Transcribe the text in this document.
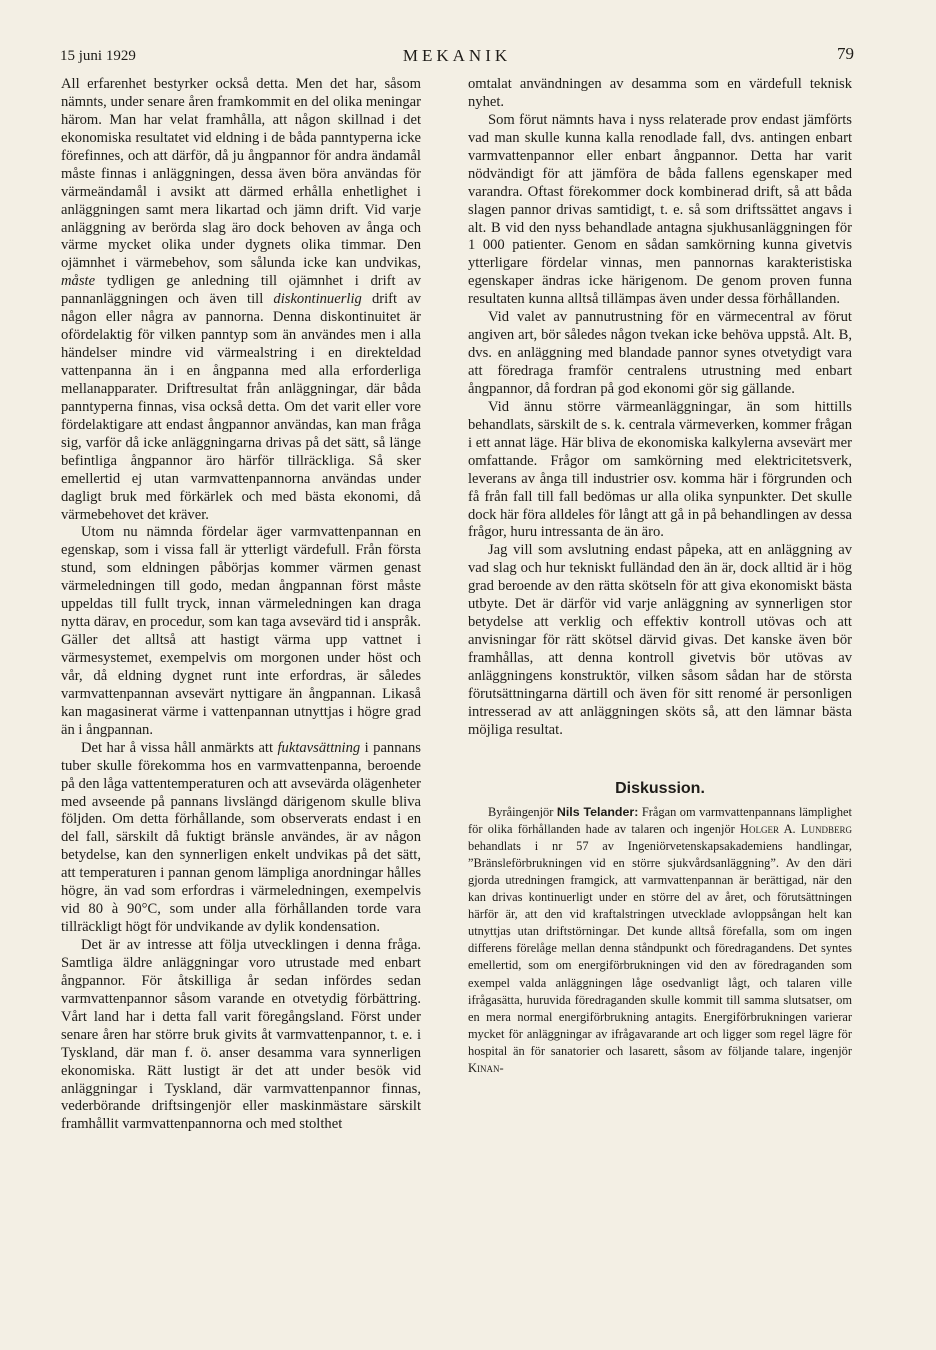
15 juni 1929	MEKANIK	79

All erfarenhet bestyrker också detta. Men det har, såsom nämnts, under senare åren framkommit en del olika meningar härom. Man har velat framhålla, att någon skillnad i det ekonomiska resultatet vid eldning i de båda panntyperna icke förefinnes, och att därför, då ju ångpannor för andra ändamål måste finnas i anläggningen, dessa även böra användas för värmeändamål i avsikt att därmed erhålla enhetlighet i anläggningen samt mera likartad och jämn drift. Vid varje anläggning av berörda slag äro dock behoven av ånga och värme mycket olika under dygnets olika timmar. Den ojämnhet i värmebehov, som sålunda icke kan undvikas, måste tydligen ge anledning till ojämnhet i drift av pannanläggningen och även till diskontinuerlig drift av någon eller några av pannorna. Denna diskontinuitet är ofördelaktig för vilken panntyp som än användes men i alla händelser mindre vid värmealstring i en direkteldad vattenpanna än i en ångpanna med alla erforderliga mellanapparater. Driftresultat från anläggningar, där båda panntyperna finnas, visa också detta. Om det varit eller vore fördelaktigare att endast ångpannor användas, kan man fråga sig, varför då icke anläggningarna drivas på det sätt, så länge befintliga ångpannor äro härför tillräckliga. Så sker emellertid ej utan varmvattenpannorna användas under dagligt bruk med förkärlek och med bästa ekonomi, då värmebehovet det kräver.

Utom nu nämnda fördelar äger varmvattenpannan en egenskap, som i vissa fall är ytterligt värdefull. Från första stund, som eldningen påbörjas kommer värmen genast värmeledningen till godo, medan ångpannan först måste uppeldas till fullt tryck, innan värmeledningen kan draga nytta därav, en procedur, som kan taga avsevärd tid i anspråk. Gäller det alltså att hastigt värma upp vattnet i värmesystemet, exempelvis om morgonen under höst och vår, då eldning dygnet runt inte erfordras, är således varmvattenpannan avsevärt nyttigare än ångpannan. Likaså kan magasinerat värme i vattenpannan utnyttjas i högre grad än i ångpannan.

Det har å vissa håll anmärkts att fuktavsättning i pannans tuber skulle förekomma hos en varmvattenpanna, beroende på den låga vattentemperaturen och att avsevärda olägenheter med avseende på pannans livslängd därigenom skulle bliva följden. Om detta förhållande, som observerats endast i en del fall, särskilt då fuktigt bränsle användes, är av någon betydelse, kan den synnerligen enkelt undvikas på det sätt, att temperaturen i pannan genom lämpliga anordningar hålles högre, än vad som erfordras i värmeledningen, exempelvis vid 80 à 90°C, som under alla förhållanden torde vara tillräckligt högt för undvikande av dylik kondensation.

Det är av intresse att följa utvecklingen i denna fråga. Samtliga äldre anläggningar voro utrustade med enbart ångpannor. För åtskilliga år sedan infördes sedan varmvattenpannor såsom varande en otvetydig förbättring. Vårt land har i detta fall varit föregångsland. Först under senare åren har större bruk givits åt varmvattenpannor, t. e. i Tyskland, där man f. ö. anser desamma vara synnerligen ekonomiska. Rätt lustigt är det att under besök vid anläggningar i Tyskland, där varmvattenpannor finnas, vederbörande driftsingenjör eller maskinmästare särskilt framhållit varmvattenpannorna och med stolthet

omtalat användningen av desamma som en värdefull teknisk nyhet.

Som förut nämnts hava i nyss relaterade prov endast jämförts vad man skulle kunna kalla renodlade fall, dvs. antingen enbart varmvattenpannor eller enbart ångpannor. Detta har varit nödvändigt för att jämföra de båda fallens egenskaper med varandra. Oftast förekommer dock kombinerad drift, så att båda slagen pannor drivas samtidigt, t. e. så som driftssättet angavs i alt. B vid den nyss behandlade antagna sjukhusanläggningen för 1 000 patienter. Genom en sådan samkörning kunna givetvis ytterligare fördelar vinnas, men pannornas karakteristiska egenskaper ändras icke härigenom. De genom proven funna resultaten kunna alltså tillämpas även under dessa förhållanden.

Vid valet av pannutrustning för en värmecentral av förut angiven art, bör således någon tvekan icke behöva uppstå. Alt. B, dvs. en anläggning med blandade pannor synes otvetydigt vara att föredraga framför centralens utrustning med enbart ångpannor, då fordran på god ekonomi gör sig gällande.

Vid ännu större värmeanläggningar, än som hittills behandlats, särskilt de s. k. centrala värmeverken, kommer frågan i ett annat läge. Här bliva de ekonomiska kalkylerna avsevärt mer omfattande. Frågor om samkörning med elektricitetsverk, leverans av ånga till industrier osv. komma här i förgrunden och få från fall till fall bedömas ur alla olika synpunkter. Det skulle dock här föra alldeles för långt att gå in på behandlingen av dessa frågor, huru intressanta de än äro.

Jag vill som avslutning endast påpeka, att en anläggning av vad slag och hur tekniskt fulländad den än är, dock alltid är i hög grad beroende av den rätta skötseln för att giva ekonomiskt bästa utbyte. Det är därför vid varje anläggning av synnerligen stor betydelse att verklig och effektiv kontroll utövas och att anvisningar för rätt skötsel därvid givas. Det kanske även bör framhållas, att denna kontroll givetvis bör utövas av anläggningens konstruktör, vilken såsom sådan har de största förutsättningarna därtill och även för sitt renomé är personligen intresserad av att anläggningen sköts så, att den lämnar bästa möjliga resultat.

Diskussion.

Byråingenjör Nils Telander: Frågan om varmvattenpannans lämplighet för olika förhållanden hade av talaren och ingenjör Holger A. Lundberg behandlats i nr 57 av Ingeniörvetenskapsakademiens handlingar, ”Bränsleförbrukningen vid en större sjukvårdsanläggning”. Av den däri gjorda utredningen framgick, att varmvattenpannan är berättigad, när den kan drivas kontinuerligt under en större del av året, och förutsättningen härför är, att den vid kraftalstringen utvecklade avloppsångan helt kan utnyttjas utan driftstörningar. Det kunde alltså förefalla, som om ingen differens förelåge mellan denna ståndpunkt och föredragandens. Det syntes emellertid, som om energiförbrukningen vid den av föredraganden som exempel valda anläggningen låge osedvanligt lågt, och talaren ville ifrågasätta, huruvida föredraganden skulle kommit till samma slutsatser, om en mera normal energiförbrukning antagits. Energiförbrukningen varierar mycket för anläggningar av ifrågavarande art och ligger som regel lägre för hospital än för sanatorier och lasarett, såsom av följande talare, ingenjör Kinan-
